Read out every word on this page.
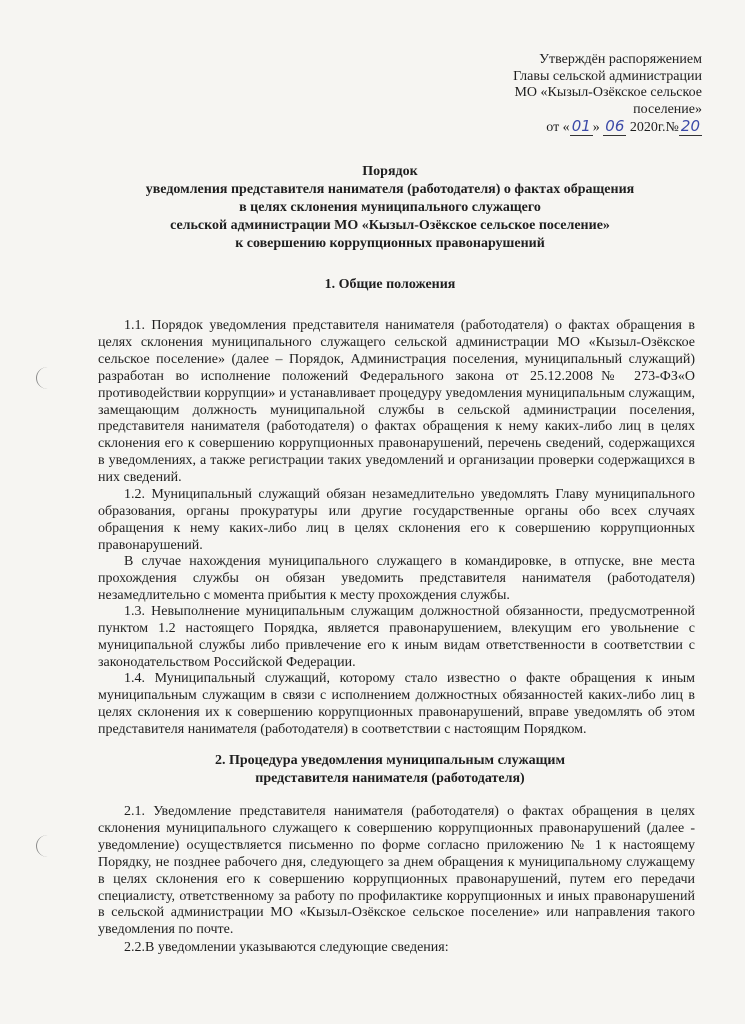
Утверждён распоряжением
Главы сельской администрации
МО «Кызыл-Озёкское сельское
поселение»
от « 01 » 06 2020г.№ 20
Порядок
уведомления представителя нанимателя (работодателя) о фактах обращения
в целях склонения муниципального служащего
сельской администрации МО «Кызыл-Озёкское сельское поселение»
к совершению коррупционных правонарушений
1. Общие положения
1.1. Порядок уведомления представителя нанимателя (работодателя) о фактах обращения в целях склонения муниципального служащего сельской администрации МО «Кызыл-Озёкское сельское поселение» (далее – Порядок, Администрация поселения, муниципальный служащий) разработан во исполнение положений Федерального закона от 25.12.2008№ 273-ФЗ«О противодействии коррупции» и устанавливает процедуру уведомления муниципальным служащим, замещающим должность муниципальной службы в сельской администрации поселения, представителя нанимателя (работодателя) о фактах обращения к нему каких-либо лиц в целях склонения его к совершению коррупционных правонарушений, перечень сведений, содержащихся в уведомлениях, а также регистрации таких уведомлений и организации проверки содержащихся в них сведений.
1.2. Муниципальный служащий обязан незамедлительно уведомлять Главу муниципального образования, органы прокуратуры или другие государственные органы обо всех случаях обращения к нему каких-либо лиц в целях склонения его к совершению коррупционных правонарушений.
В случае нахождения муниципального служащего в командировке, в отпуске, вне места прохождения службы он обязан уведомить представителя нанимателя (работодателя) незамедлительно с момента прибытия к месту прохождения службы.
1.3. Невыполнение муниципальным служащим должностной обязанности, предусмотренной пунктом 1.2 настоящего Порядка, является правонарушением, влекущим его увольнение с муниципальной службы либо привлечение его к иным видам ответственности в соответствии с законодательством Российской Федерации.
1.4. Муниципальный служащий, которому стало известно о факте обращения к иным муниципальным служащим в связи с исполнением должностных обязанностей каких-либо лиц в целях склонения их к совершению коррупционных правонарушений, вправе уведомлять об этом представителя нанимателя (работодателя) в соответствии с настоящим Порядком.
2. Процедура уведомления муниципальным служащим
представителя нанимателя (работодателя)
2.1. Уведомление представителя нанимателя (работодателя) о фактах обращения в целях склонения муниципального служащего к совершению коррупционных правонарушений (далее - уведомление) осуществляется письменно по форме согласно приложению № 1 к настоящему Порядку, не позднее рабочего дня, следующего за днем обращения к муниципальному служащему в целях склонения его к совершению коррупционных правонарушений, путем его передачи специалисту, ответственному за работу по профилактике коррупционных и иных правонарушений в сельской администрации МО «Кызыл-Озёкское сельское поселение» или направления такого уведомления по почте.
2.2.В уведомлении указываются следующие сведения:
